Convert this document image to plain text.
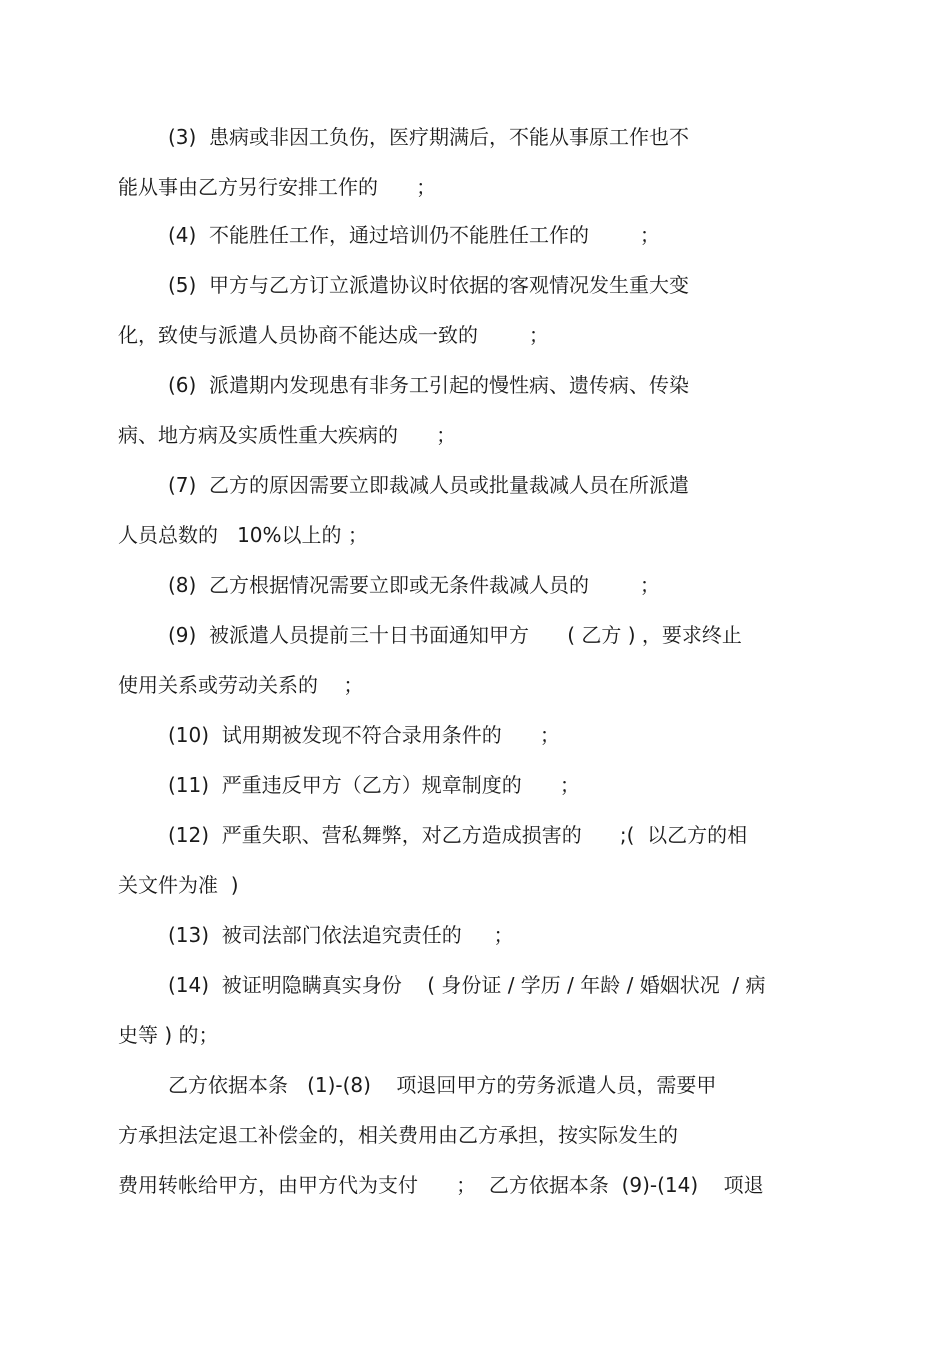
(3)  患病或非因工负伤，医疗期满后，不能从事原工作也不
能从事由乙方另行安排工作的      ；
(4)  不能胜任工作，通过培训仍不能胜任工作的        ；
(5)  甲方与乙方订立派遣协议时依据的客观情况发生重大变
化，致使与派遣人员协商不能达成一致的        ；
(6)  派遣期内发现患有非务工引起的慢性病、遗传病、传染
病、地方病及实质性重大疾病的      ；
(7)  乙方的原因需要立即裁减人员或批量裁减人员在所派遣
人员总数的   10%以上的 ；
(8)  乙方根据情况需要立即或无条件裁减人员的        ；
(9)  被派遣人员提前三十日书面通知甲方      ( 乙方 ) ，要求终止
使用关系或劳动关系的    ；
(10)  试用期被发现不符合录用条件的      ；
(11)  严重违反甲方（乙方）规章制度的      ；
(12)  严重失职、营私舞弊，对乙方造成损害的      ;(  以乙方的相
关文件为准  )
(13)  被司法部门依法追究责任的     ；
(14)  被证明隐瞒真实身份    ( 身份证 / 学历 / 年龄 / 婚姻状况  / 病
史等 ) 的；
乙方依据本条   (1)-(8)    项退回甲方的劳务派遣人员，需要甲
方承担法定退工补偿金的，相关费用由乙方承担，按实际发生的
费用转帐给甲方，由甲方代为支付      ；  乙方依据本条  (9)-(14)    项退
